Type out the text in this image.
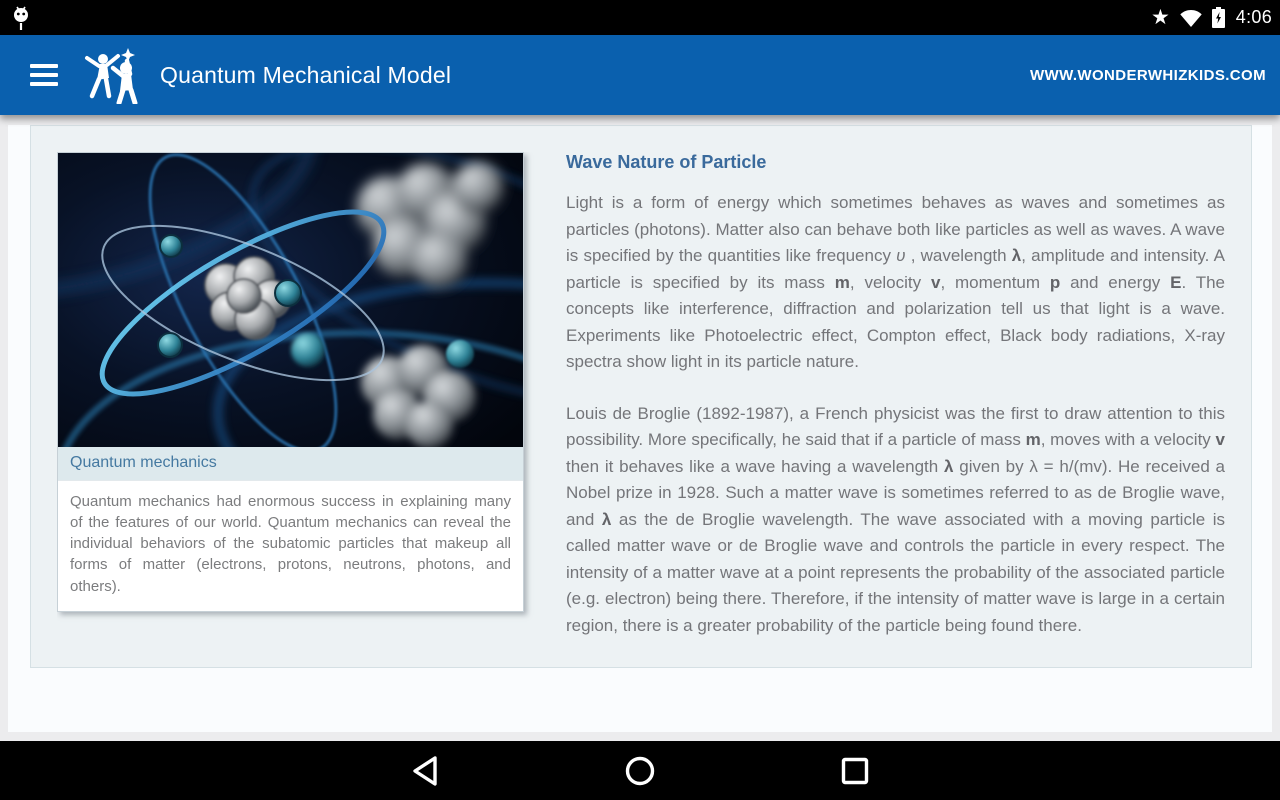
★	4:06
Quantum Mechanical Model	WWW.WONDERWHIZKIDS.COM
Quantum mechanics
Quantum mechanics had enormous success in explaining many of the features of our world. Quantum mechanics can reveal the individual behaviors of the subatomic particles that makeup all forms of matter (electrons, protons, neutrons, photons, and others).
Wave Nature of Particle

Light is a form of energy which sometimes behaves as waves and sometimes as particles (photons). Matter also can behave both like particles as well as waves. A wave is specified by the quantities like frequency υ , wavelength λ, amplitude and intensity. A particle is specified by its mass m, velocity v, momentum p and energy E. The concepts like interference, diffraction and polarization tell us that light is a wave. Experiments like Photoelectric effect, Compton effect, Black body radiations, X-ray spectra show light in its particle nature.

Louis de Broglie (1892-1987), a French physicist was the first to draw attention to this possibility. More specifically, he said that if a particle of mass m, moves with a velocity v then it behaves like a wave having a wavelength λ given by λ = h/(mv). He received a Nobel prize in 1928. Such a matter wave is sometimes referred to as de Broglie wave, and λ as the de Broglie wavelength. The wave associated with a moving particle is called matter wave or de Broglie wave and controls the particle in every respect. The intensity of a matter wave at a point represents the probability of the associated particle (e.g. electron) being there. Therefore, if the intensity of matter wave is large in a certain region, there is a greater probability of the particle being found there.
